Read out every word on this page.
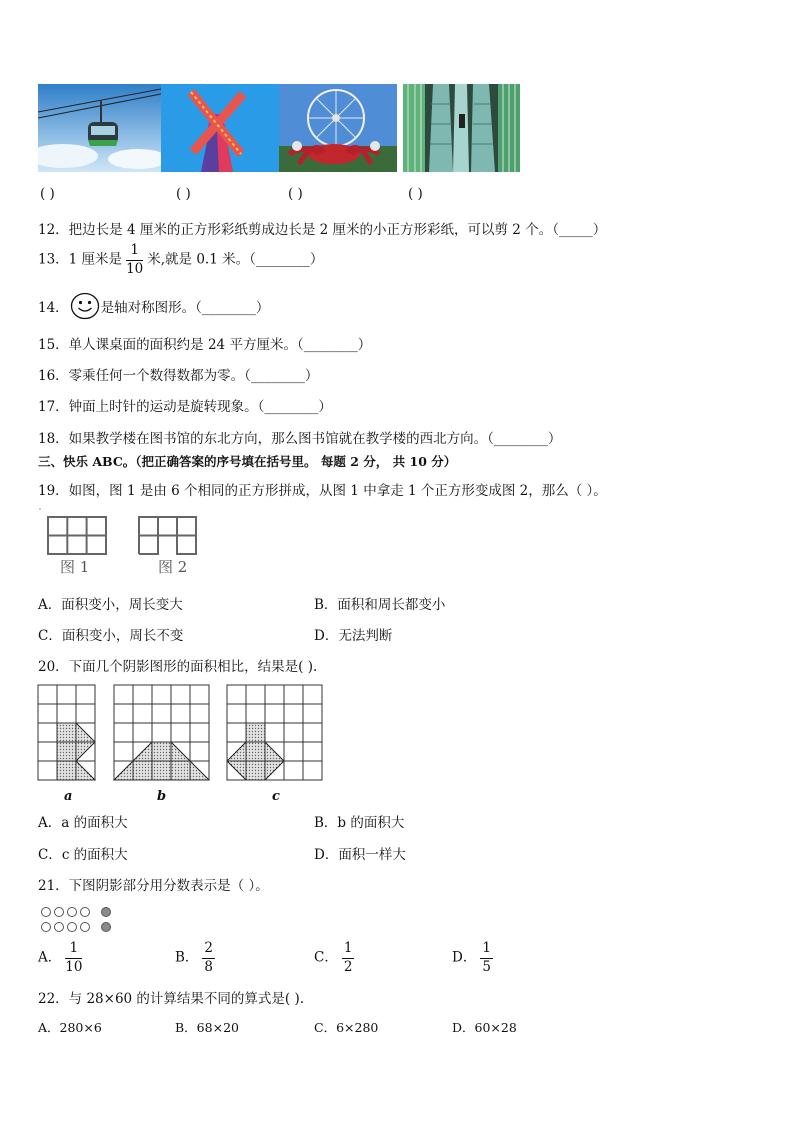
( )	( )	( )	( )
12．把边长是 4 厘米的正方形彩纸剪成边长是 2 厘米的小正方形彩纸，可以剪 2 个。（_____）
13．1 厘米是 $\frac{1}{10}$ 米,就是 0.1 米。（________）
14． 是轴对称图形。（________）
15．单人课桌面的面积约是 24 平方厘米。（________）
16．零乘任何一个数得数都为零。（________）
17．钟面上时针的运动是旋转现象。（________）
18．如果教学楼在图书馆的东北方向，那么图书馆就在教学楼的西北方向。（________）
三、快乐 ABC。（把正确答案的序号填在括号里。 每题 2 分， 共 10 分）
19．如图，图 1 是由 6 个相同的正方形拼成，从图 1 中拿走 1 个正方形变成图 2，那么（ ）。
图 1	图 2
A．面积变小，周长变大	B．面积和周长都变小
C．面积变小，周长不变	D．无法判断
20．下面几个阴影图形的面积相比，结果是( ).
a	b	c
A．a 的面积大	B．b 的面积大
C．c 的面积大	D．面积一样大
21．下图阴影部分用分数表示是（ ）。
A． $\frac{1}{10}$	B． $\frac{2}{8}$	C． $\frac{1}{2}$	D． $\frac{1}{5}$
22．与 28×60 的计算结果不同的算式是( ).
A．280×6	B．68×20	C．6×280	D．60×28
